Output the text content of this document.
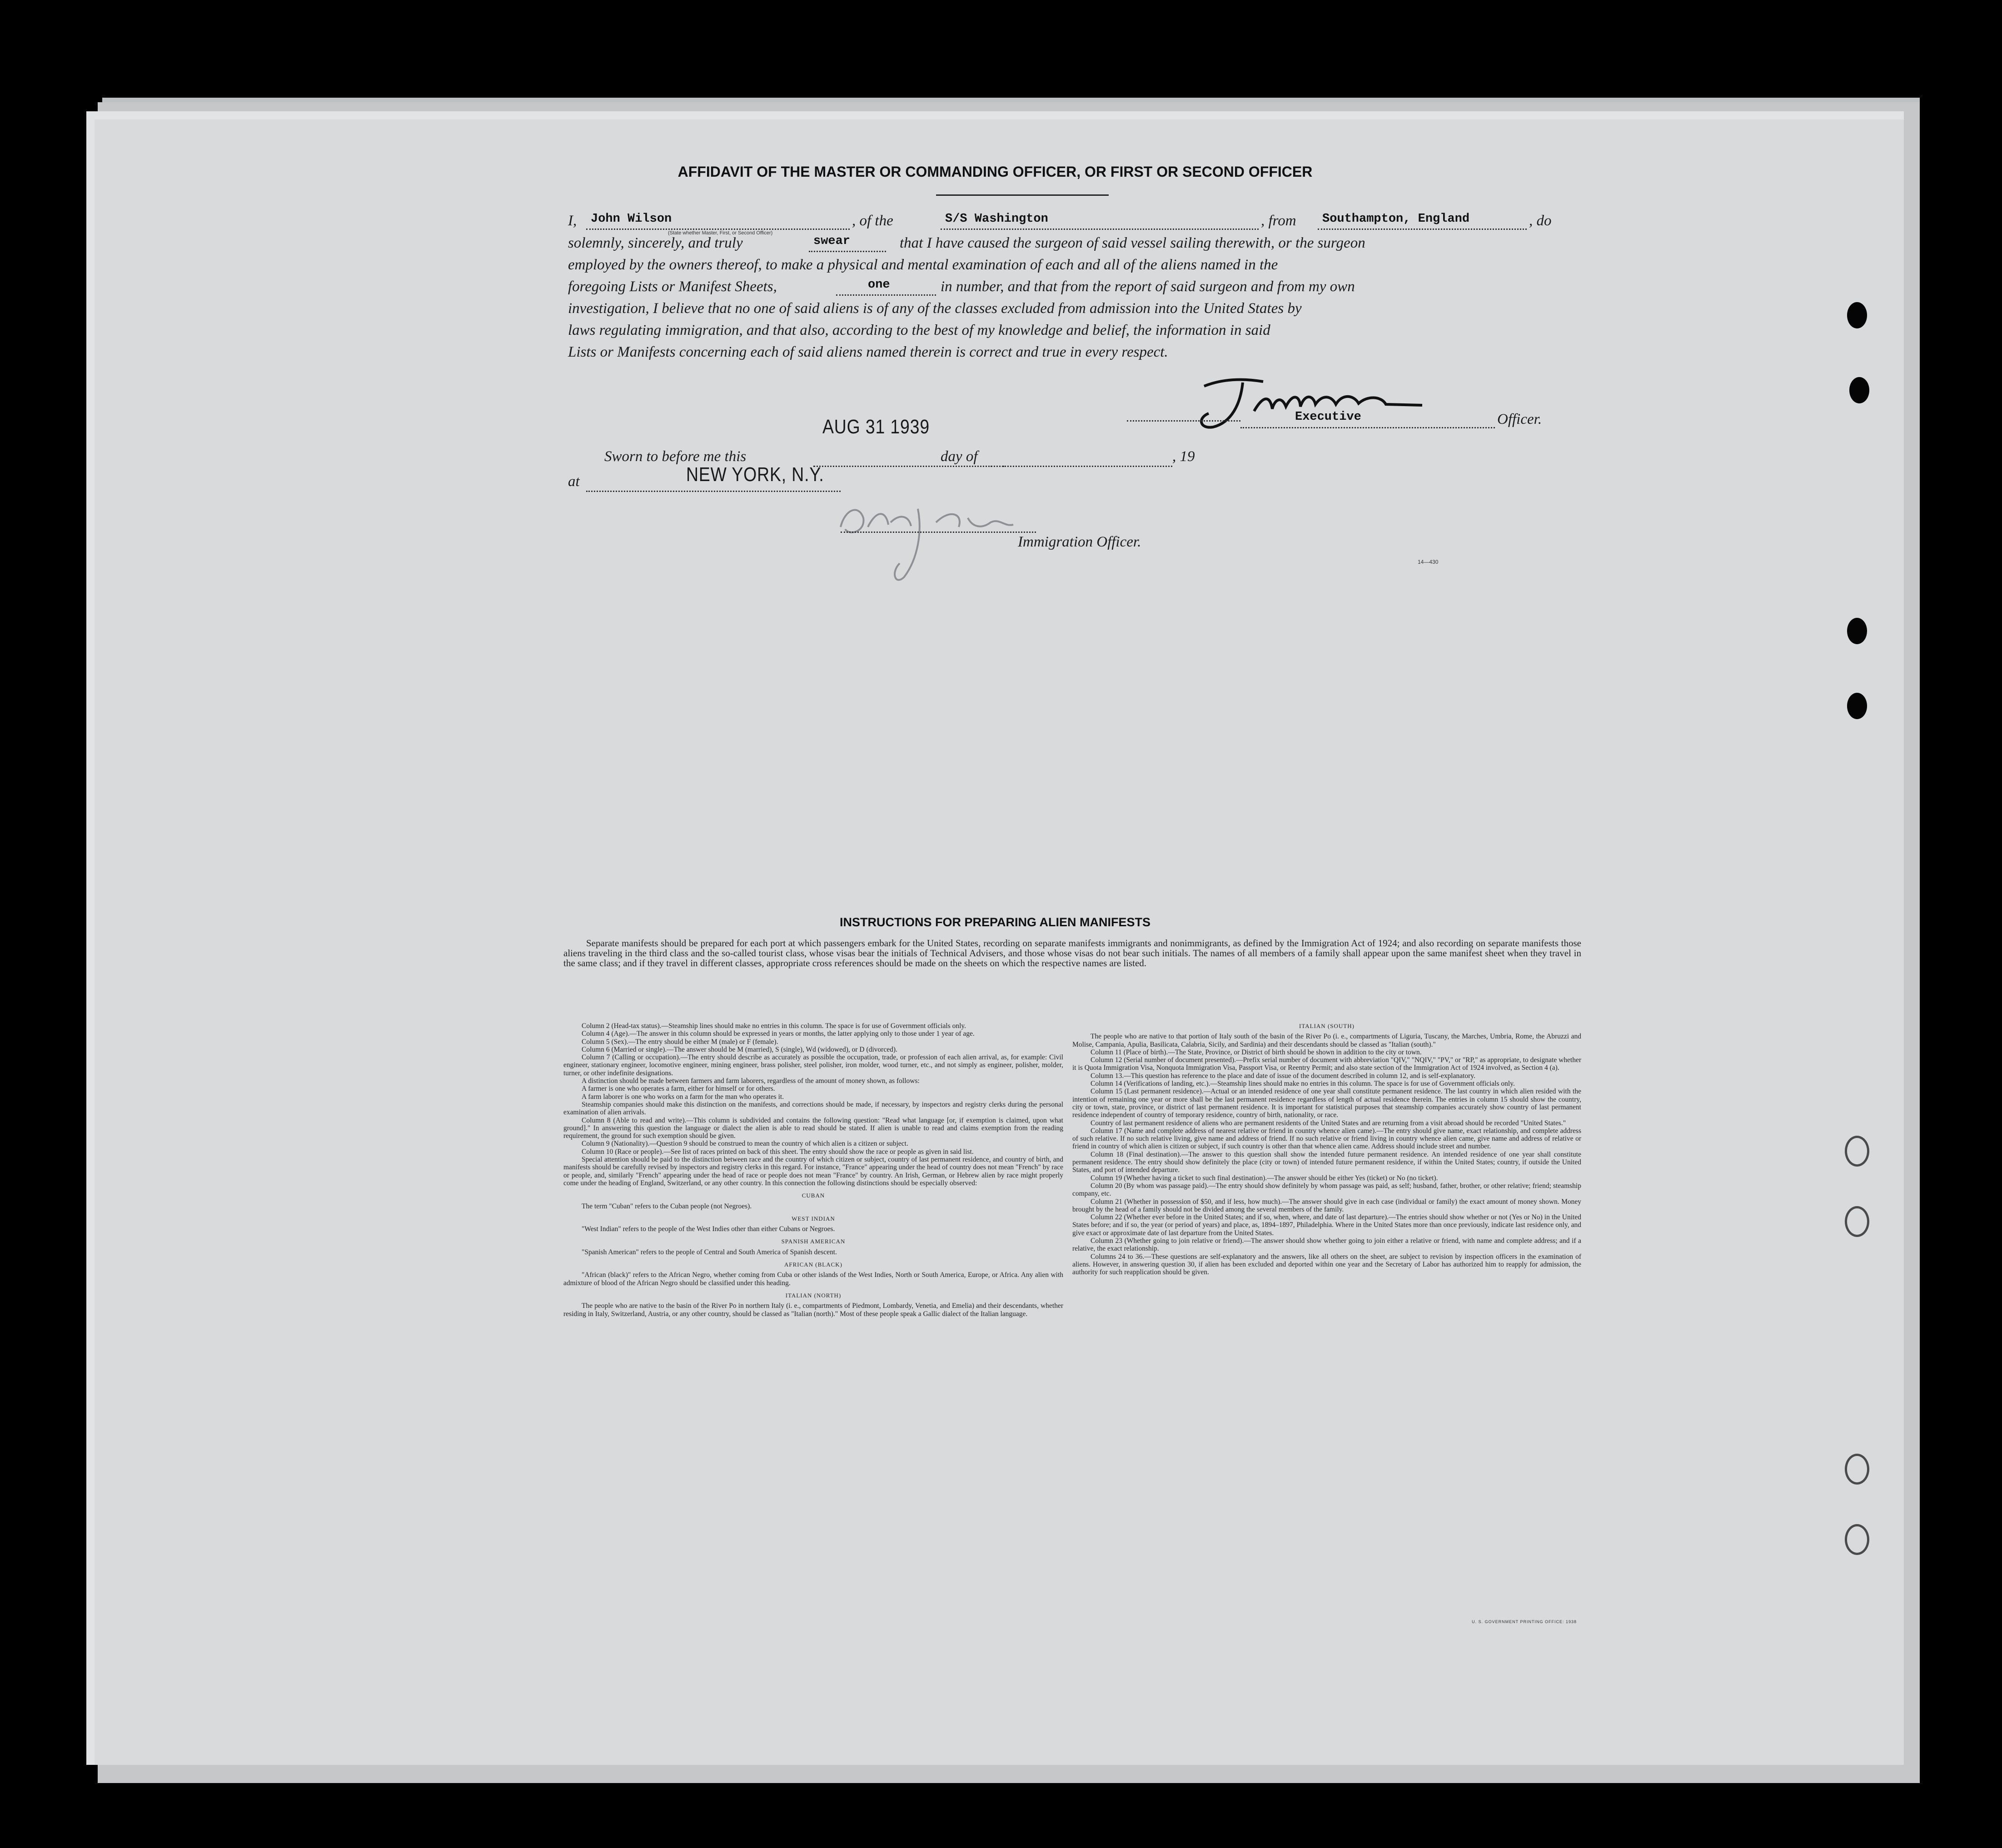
AFFIDAVIT OF THE MASTER OR COMMANDING OFFICER, OR FIRST OR SECOND OFFICER
I,	John Wilson
(State whether Master, First, or Second Officer)
, of the	S/S Washington	, from	Southampton, England	, do
solemnly, sincerely, and truly	swear	that I have caused the surgeon of said vessel sailing therewith, or the surgeon
employed by the owners thereof, to make a physical and mental examination of each and all of the aliens named in the
foregoing Lists or Manifest Sheets,	one	in number, and that from the report of said surgeon and from my own
investigation, I believe that no one of said aliens is of any of the classes excluded from admission into the United States by
laws regulating immigration, and that also, according to the best of my knowledge and belief, the information in said
Lists or Manifests concerning each of said aliens named therein is correct and true in every respect.
Executive	Officer.
AUG 31 1939
Sworn to before me this	day of	, 19
at	NEW YORK, N.Y.
Immigration Officer.
14—430
INSTRUCTIONS FOR PREPARING ALIEN MANIFESTS
Separate manifests should be prepared for each port at which passengers embark for the United States, recording on separate manifests immigrants and nonimmigrants, as defined by the Immigration Act of 1924; and also recording on separate manifests those aliens traveling in the third class and the so-called tourist class, whose visas bear the initials of Technical Advisers, and those whose visas do not bear such initials. The names of all members of a family shall appear upon the same manifest sheet when they travel in the same class; and if they travel in different classes, appropriate cross references should be made on the sheets on which the respective names are listed.

Column 2 (Head-tax status).—Steamship lines should make no entries in this column. The space is for use of Government officials only.

Column 4 (Age).—The answer in this column should be expressed in years or months, the latter applying only to those under 1 year of age.

Column 5 (Sex).—The entry should be either M (male) or F (female).

Column 6 (Married or single).—The answer should be M (married), S (single), Wd (widowed), or D (divorced).

Column 7 (Calling or occupation).—The entry should describe as accurately as possible the occupation, trade, or profession of each alien arrival, as, for example: Civil engineer, stationary engineer, locomotive engineer, mining engineer, brass polisher, steel polisher, iron molder, wood turner, etc., and not simply as engineer, polisher, molder, turner, or other indefinite designations.

A distinction should be made between farmers and farm laborers, regardless of the amount of money shown, as follows:

A farmer is one who operates a farm, either for himself or for others.

A farm laborer is one who works on a farm for the man who operates it.

Steamship companies should make this distinction on the manifests, and corrections should be made, if necessary, by inspectors and registry clerks during the personal examination of alien arrivals.

Column 8 (Able to read and write).—This column is subdivided and contains the following question: "Read what language [or, if exemption is claimed, upon what ground]." In answering this question the language or dialect the alien is able to read should be stated. If alien is unable to read and claims exemption from the reading requirement, the ground for such exemption should be given.

Column 9 (Nationality).—Question 9 should be construed to mean the country of which alien is a citizen or subject.

Column 10 (Race or people).—See list of races printed on back of this sheet. The entry should show the race or people as given in said list.

Special attention should be paid to the distinction between race and the country of which citizen or subject, country of last permanent residence, and country of birth, and manifests should be carefully revised by inspectors and registry clerks in this regard. For instance, "France" appearing under the head of country does not mean "French" by race or people, and, similarly "French" appearing under the head of race or people does not mean "France" by country. An Irish, German, or Hebrew alien by race might properly come under the heading of England, Switzerland, or any other country. In this connection the following distinctions should be especially observed:

CUBAN

The term "Cuban" refers to the Cuban people (not Negroes).

WEST INDIAN

"West Indian" refers to the people of the West Indies other than either Cubans or Negroes.

SPANISH AMERICAN

"Spanish American" refers to the people of Central and South America of Spanish descent.

AFRICAN (BLACK)

"African (black)" refers to the African Negro, whether coming from Cuba or other islands of the West Indies, North or South America, Europe, or Africa. Any alien with admixture of blood of the African Negro should be classified under this heading.

ITALIAN (NORTH)

The people who are native to the basin of the River Po in northern Italy (i. e., compartments of Piedmont, Lombardy, Venetia, and Emelia) and their descendants, whether residing in Italy, Switzerland, Austria, or any other country, should be classed as "Italian (north)." Most of these people speak a Gallic dialect of the Italian language.

ITALIAN (SOUTH)

The people who are native to that portion of Italy south of the basin of the River Po (i. e., compartments of Liguria, Tuscany, the Marches, Umbria, Rome, the Abruzzi and Molise, Campania, Apulia, Basilicata, Calabria, Sicily, and Sardinia) and their descendants should be classed as "Italian (south)."

Column 11 (Place of birth).—The State, Province, or District of birth should be shown in addition to the city or town.

Column 12 (Serial number of document presented).—Prefix serial number of document with abbreviation "QIV," "NQIV," "PV," or "RP," as appropriate, to designate whether it is Quota Immigration Visa, Nonquota Immigration Visa, Passport Visa, or Reentry Permit; and also state section of the Immigration Act of 1924 involved, as Section 4 (a).

Column 13.—This question has reference to the place and date of issue of the document described in column 12, and is self-explanatory.

Column 14 (Verifications of landing, etc.).—Steamship lines should make no entries in this column. The space is for use of Government officials only.

Column 15 (Last permanent residence).—Actual or an intended residence of one year shall constitute permanent residence. The last country in which alien resided with the intention of remaining one year or more shall be the last permanent residence regardless of length of actual residence therein. The entries in column 15 should show the country, city or town, state, province, or district of last permanent residence. It is important for statistical purposes that steamship companies accurately show country of last permanent residence independent of country of temporary residence, country of birth, nationality, or race.

Country of last permanent residence of aliens who are permanent residents of the United States and are returning from a visit abroad should be recorded "United States."

Column 17 (Name and complete address of nearest relative or friend in country whence alien came).—The entry should give name, exact relationship, and complete address of such relative. If no such relative living, give name and address of friend. If no such relative or friend living in country whence alien came, give name and address of relative or friend in country of which alien is citizen or subject, if such country is other than that whence alien came. Address should include street and number.

Column 18 (Final destination).—The answer to this question shall show the intended future permanent residence. An intended residence of one year shall constitute permanent residence. The entry should show definitely the place (city or town) of intended future permanent residence, if within the United States; country, if outside the United States, and port of intended departure.

Column 19 (Whether having a ticket to such final destination).—The answer should be either Yes (ticket) or No (no ticket).

Column 20 (By whom was passage paid).—The entry should show definitely by whom passage was paid, as self; husband, father, brother, or other relative; friend; steamship company, etc.

Column 21 (Whether in possession of $50, and if less, how much).—The answer should give in each case (individual or family) the exact amount of money shown. Money brought by the head of a family should not be divided among the several members of the family.

Column 22 (Whether ever before in the United States; and if so, when, where, and date of last departure).—The entries should show whether or not (Yes or No) in the United States before; and if so, the year (or period of years) and place, as, 1894–1897, Philadelphia. Where in the United States more than once previously, indicate last residence only, and give exact or approximate date of last departure from the United States.

Column 23 (Whether going to join relative or friend).—The answer should show whether going to join either a relative or friend, with name and complete address; and if a relative, the exact relationship.

Columns 24 to 36.—These questions are self-explanatory and the answers, like all others on the sheet, are subject to revision by inspection officers in the examination of aliens. However, in answering question 30, if alien has been excluded and deported within one year and the Secretary of Labor has authorized him to reapply for admission, the authority for such reapplication should be given.

U. S. GOVERNMENT PRINTING OFFICE: 1938
